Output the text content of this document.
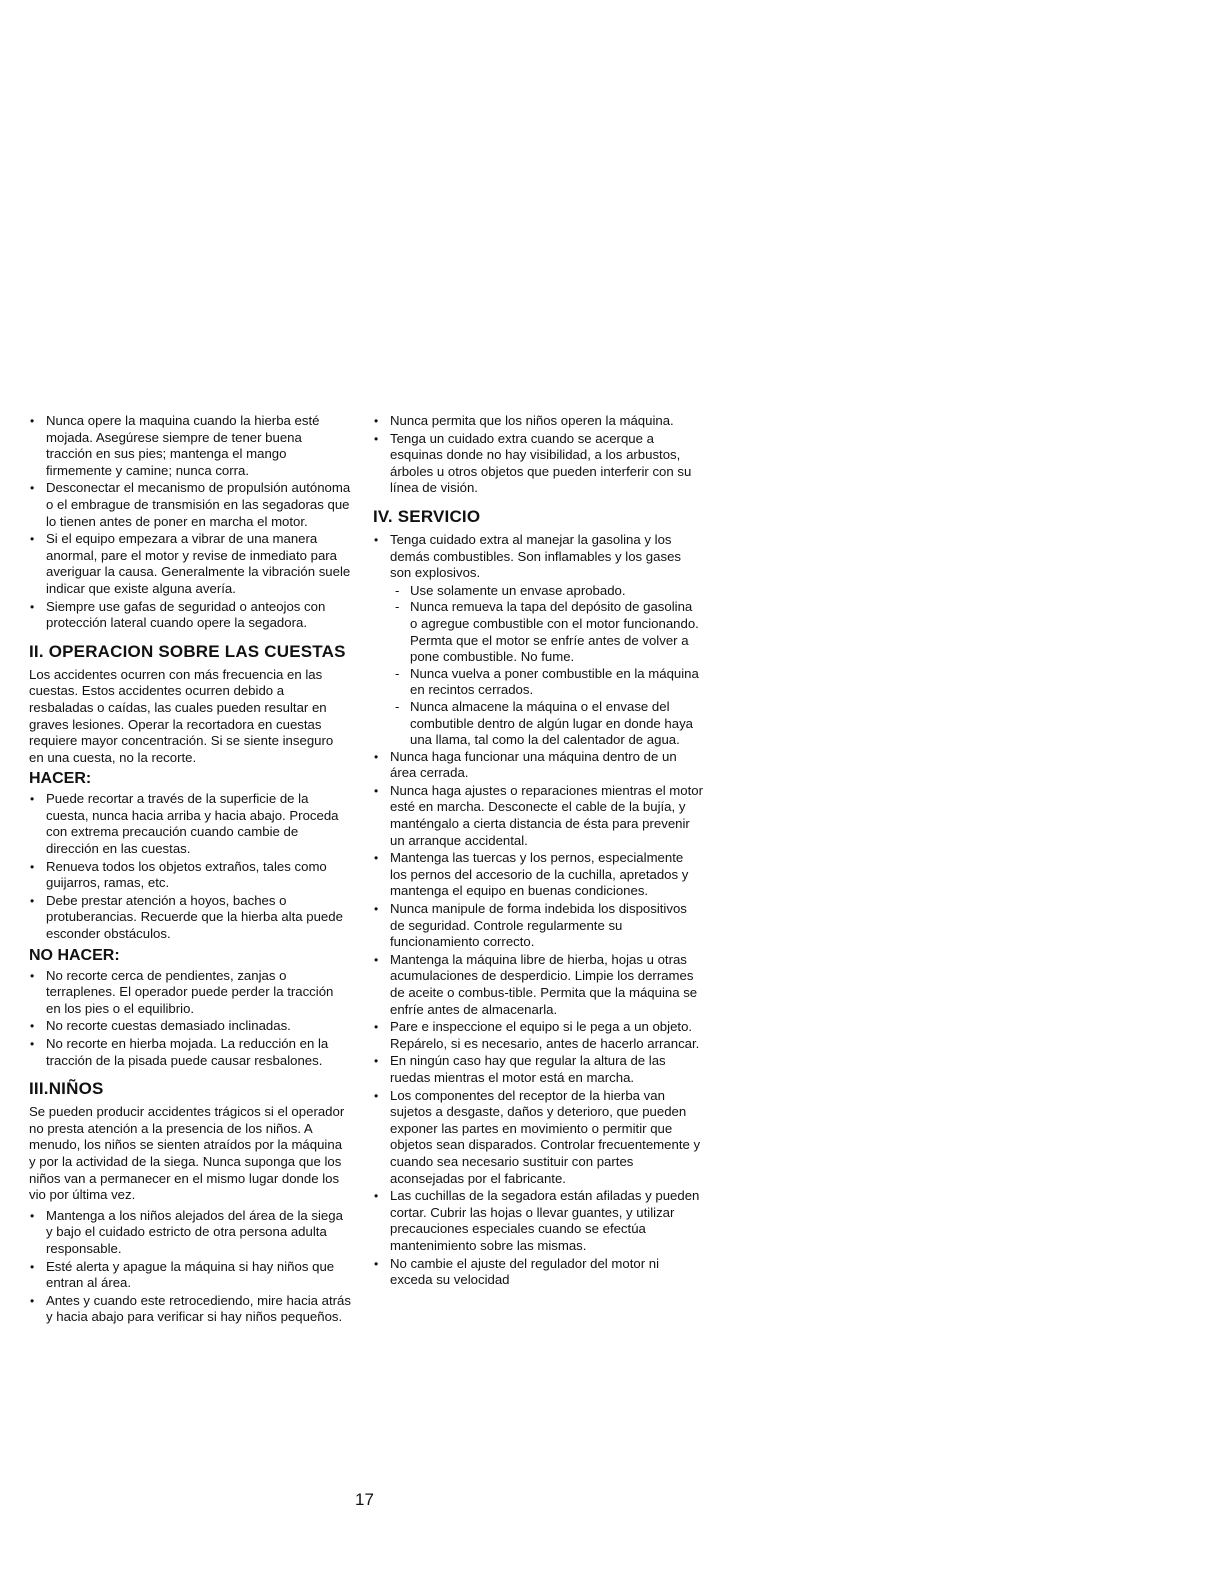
• Nunca opere la maquina cuando la hierba esté mojada. Asegúrese siempre de tener buena tracción en sus pies; mantenga el mango firmemente y camine; nunca corra.
• Desconectar el mecanismo de propulsión autónoma o el embrague de transmisión en las segadoras que lo tienen antes de poner en marcha el motor.
• Si el equipo empezara a vibrar de una manera anormal, pare el motor y revise de inmediato para averiguar la causa. Generalmente la vibración suele indicar que existe alguna avería.
• Siempre use gafas de seguridad o anteojos con protección lateral cuando opere la segadora.
II. OPERACION SOBRE LAS CUESTAS
Los accidentes ocurren con más frecuencia en las cuestas. Estos accidentes ocurren debido a resbaladas o caídas, las cuales pueden resultar en graves lesiones. Operar la recortadora en cuestas requiere mayor concentración. Si se siente inseguro en una cuesta, no la recorte.
HACER:
• Puede recortar a través de la superficie de la cuesta, nunca hacia arriba y hacia abajo. Proceda con extrema precaución cuando cambie de dirección en las cuestas.
• Renueva todos los objetos extraños, tales como guijarros, ramas, etc.
• Debe prestar atención a hoyos, baches o protuberancias. Recuerde que la hierba alta puede esconder obstáculos.
NO HACER:
• No recorte cerca de pendientes, zanjas o terraplenes. El operador puede perder la tracción en los pies o el equilibrio.
• No recorte cuestas demasiado inclinadas.
• No recorte en hierba mojada. La reducción en la tracción de la pisada puede causar resbalones.
III.NIÑOS
Se pueden producir accidentes trágicos si el operador no presta atención a la presencia de los niños. A menudo, los niños se sienten atraídos por la máquina y por la actividad de la siega. Nunca suponga que los niños van a permanecer en el mismo lugar donde los vio por última vez.
• Mantenga a los niños alejados del área de la siega y bajo el cuidado estricto de otra persona adulta responsable.
• Esté alerta y apague la máquina si hay niños que entran al área.
• Antes y cuando este retrocediendo, mire hacia atrás y hacia abajo para verificar si hay niños pequeños.
• Nunca permita que los niños operen la máquina.
• Tenga un cuidado extra cuando se acerque a esquinas donde no hay visibilidad, a los arbustos, árboles u otros objetos que pueden interferir con su línea de visión.
IV. SERVICIO
• Tenga cuidado extra al manejar la gasolina y los demás combustibles. Son inflamables y los gases son explosivos.
- Use solamente un envase aprobado.
- Nunca remueva la tapa del depósito de gasolina o agregue combustible con el motor funcionando. Permta que el motor se enfríe antes de volver a pone combustible. No fume.
- Nunca vuelva a poner combustible en la máquina en recintos cerrados.
- Nunca almacene la máquina o el envase del combutible dentro de algún lugar en donde haya una llama, tal como la del calentador de agua.
• Nunca haga funcionar una máquina dentro de un área cerrada.
• Nunca haga ajustes o reparaciones mientras el motor esté en marcha. Desconecte el cable de la bujía, y manténgalo a cierta distancia de ésta para prevenir un arranque accidental.
• Mantenga las tuercas y los pernos, especialmente los pernos del accesorio de la cuchilla, apretados y mantenga el equipo en buenas condiciones.
• Nunca manipule de forma indebida los dispositivos de seguridad. Controle regularmente su funcionamiento correcto.
• Mantenga la máquina libre de hierba, hojas u otras acumulaciones de desperdicio. Limpie los derrames de aceite o combus-tible. Permita que la máquina se enfríe antes de almacenarla.
• Pare e inspeccione el equipo si le pega a un objeto. Repárelo, si es necesario, antes de hacerlo arrancar.
• En ningún caso hay que regular la altura de las ruedas mientras el motor está en marcha.
• Los componentes del receptor de la hierba van sujetos a desgaste, daños y deterioro, que pueden exponer las partes en movimiento o permitir que objetos sean disparados. Controlar frecuentemente y cuando sea necesario sustituir con partes aconsejadas por el fabricante.
• Las cuchillas de la segadora están afiladas y pueden cortar. Cubrir las hojas o llevar guantes, y utilizar precauciones especiales cuando se efectúa mantenimiento sobre las mismas.
• No cambie el ajuste del regulador del motor ni exceda su velocidad
17
